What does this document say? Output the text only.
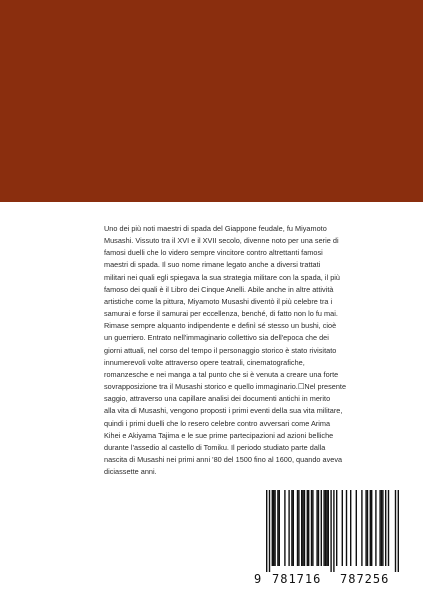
Uno dei più noti maestri di spada del Giappone feudale, fu Miyamoto
Musashi. Vissuto tra il XVI e il XVII secolo, divenne noto per una serie di
famosi duelli che lo videro sempre vincitore contro altrettanti famosi
maestri di spada. Il suo nome rimane legato anche a diversi trattati
militari nei quali egli spiegava la sua strategia militare con la spada, il più
famoso dei quali è il Libro dei Cinque Anelli. Abile anche in altre attività
artistiche come la pittura, Miyamoto Musashi diventò il più celebre tra i
samurai e forse il samurai per eccellenza, benché, di fatto non lo fu mai.
Rimase sempre alquanto indipendente e definì sé stesso un bushi, cioè
un guerriero. Entrato nell'immaginario collettivo sia dell'epoca che dei
giorni attuali, nel corso del tempo il personaggio storico è stato rivisitato
innumerevoli volte attraverso opere teatrali, cinematografiche,
romanzesche e nei manga a tal punto che si è venuta a creare una forte
sovrapposizione tra il Musashi storico e quello immaginario.☐Nel presente
saggio, attraverso una capillare analisi dei documenti antichi in merito
alla vita di Musashi, vengono proposti i primi eventi della sua vita militare,
quindi i primi duelli che lo resero celebre contro avversari come Arima
Kihei e Akiyama Tajima e le sue prime partecipazioni ad azioni belliche
durante l'assedio al castello di Tomiku. Il periodo studiato parte dalla
nascita di Musashi nei primi anni '80 del 1500 fino al 1600, quando aveva
diciassette anni.
9 781716 787256
